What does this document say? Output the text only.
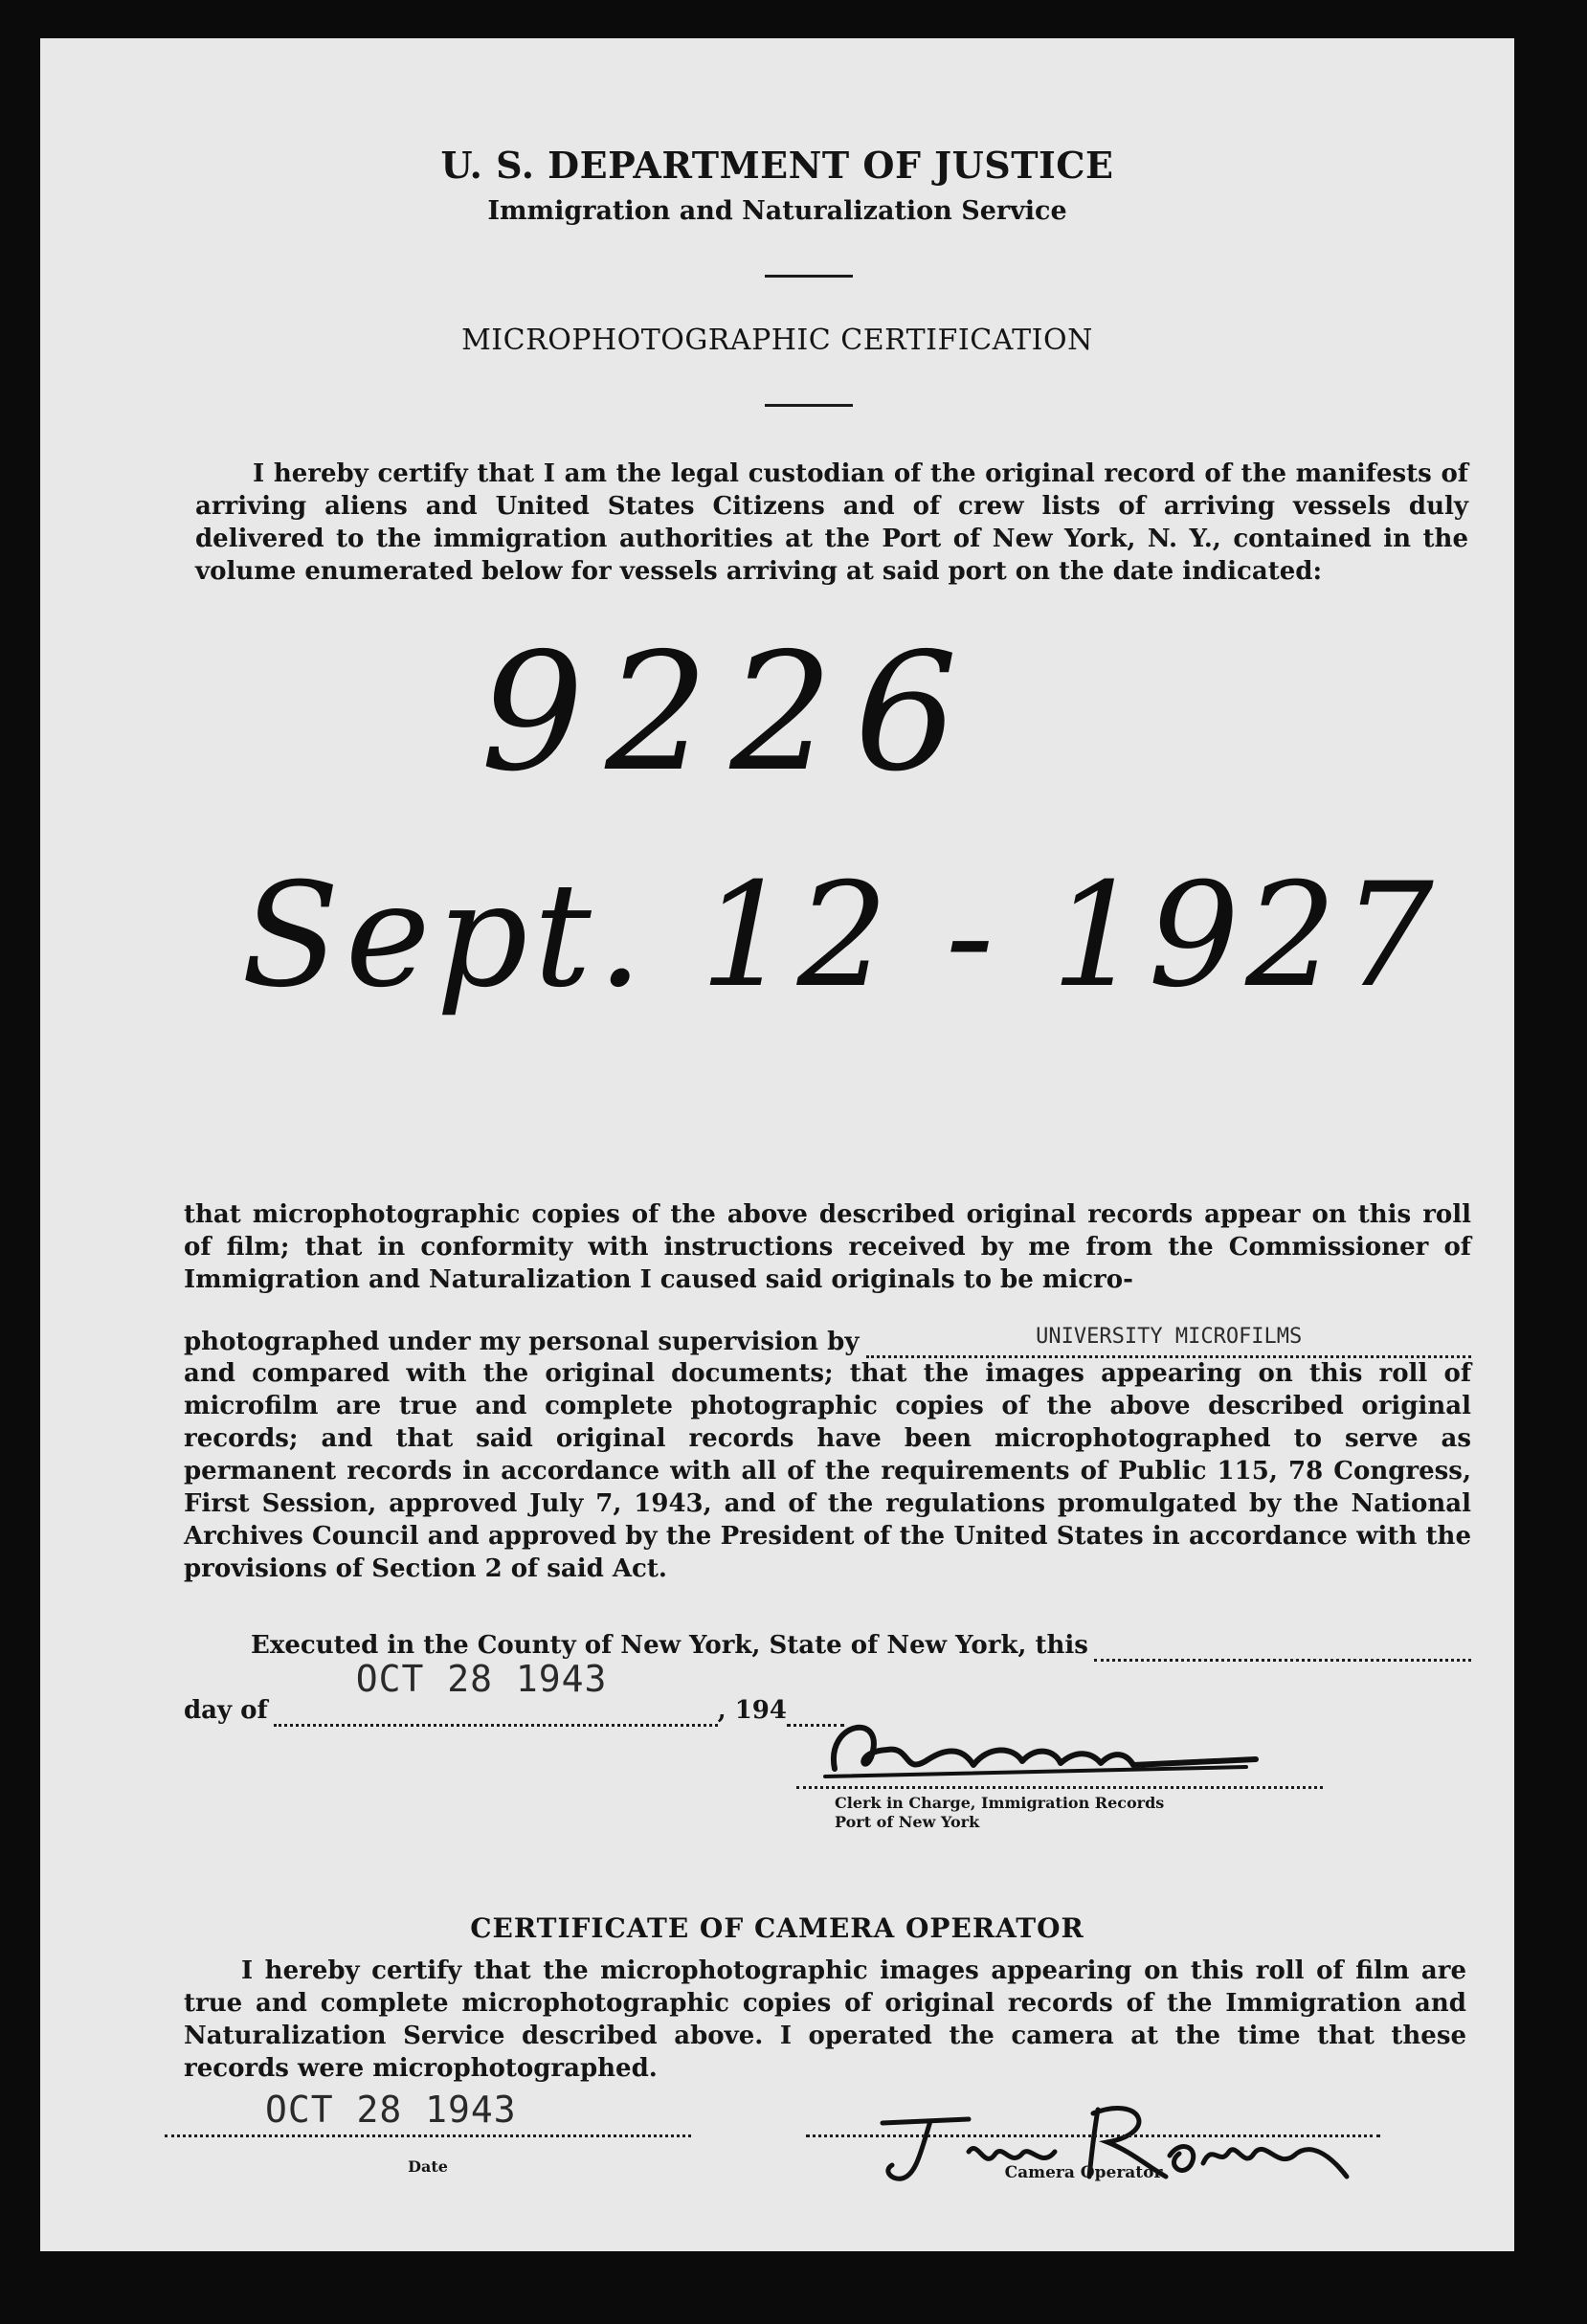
U. S. DEPARTMENT OF JUSTICE
Immigration and Naturalization Service
MICROPHOTOGRAPHIC CERTIFICATION
I hereby certify that I am the legal custodian of the original record of the manifests of arriving aliens and United States Citizens and of crew lists of arriving vessels duly delivered to the immigration authorities at the Port of New York, N. Y., contained in the volume enumerated below for vessels arriving at said port on the date indicated:
9226
Sept. 12 - 1927
that microphotographic copies of the above described original records appear on this roll of film; that in conformity with instructions received by me from the Commissioner of Immigration and Naturalization I caused said originals to be micro-
photographed under my personal supervision by	UNIVERSITY MICROFILMS
and compared with the original documents; that the images appearing on this roll of microfilm are true and complete photographic copies of the above described original records; and that said original records have been microphotographed to serve as permanent records in accordance with all of the requirements of Public 115, 78 Congress, First Session, approved July 7, 1943, and of the regulations promulgated by the National Archives Council and approved by the President of the United States in accordance with the provisions of Section 2 of said Act.
Executed in the County of New York, State of New York, this
day of
OCT 28 1943
, 194
Clerk in Charge, Immigration Records
Port of New York
CERTIFICATE OF CAMERA OPERATOR
I hereby certify that the microphotographic images appearing on this roll of film are true and complete microphotographic copies of original records of the Immigration and Naturalization Service described above. I operated the camera at the time that these records were microphotographed.
OCT 28 1943
Date	Camera Operator
